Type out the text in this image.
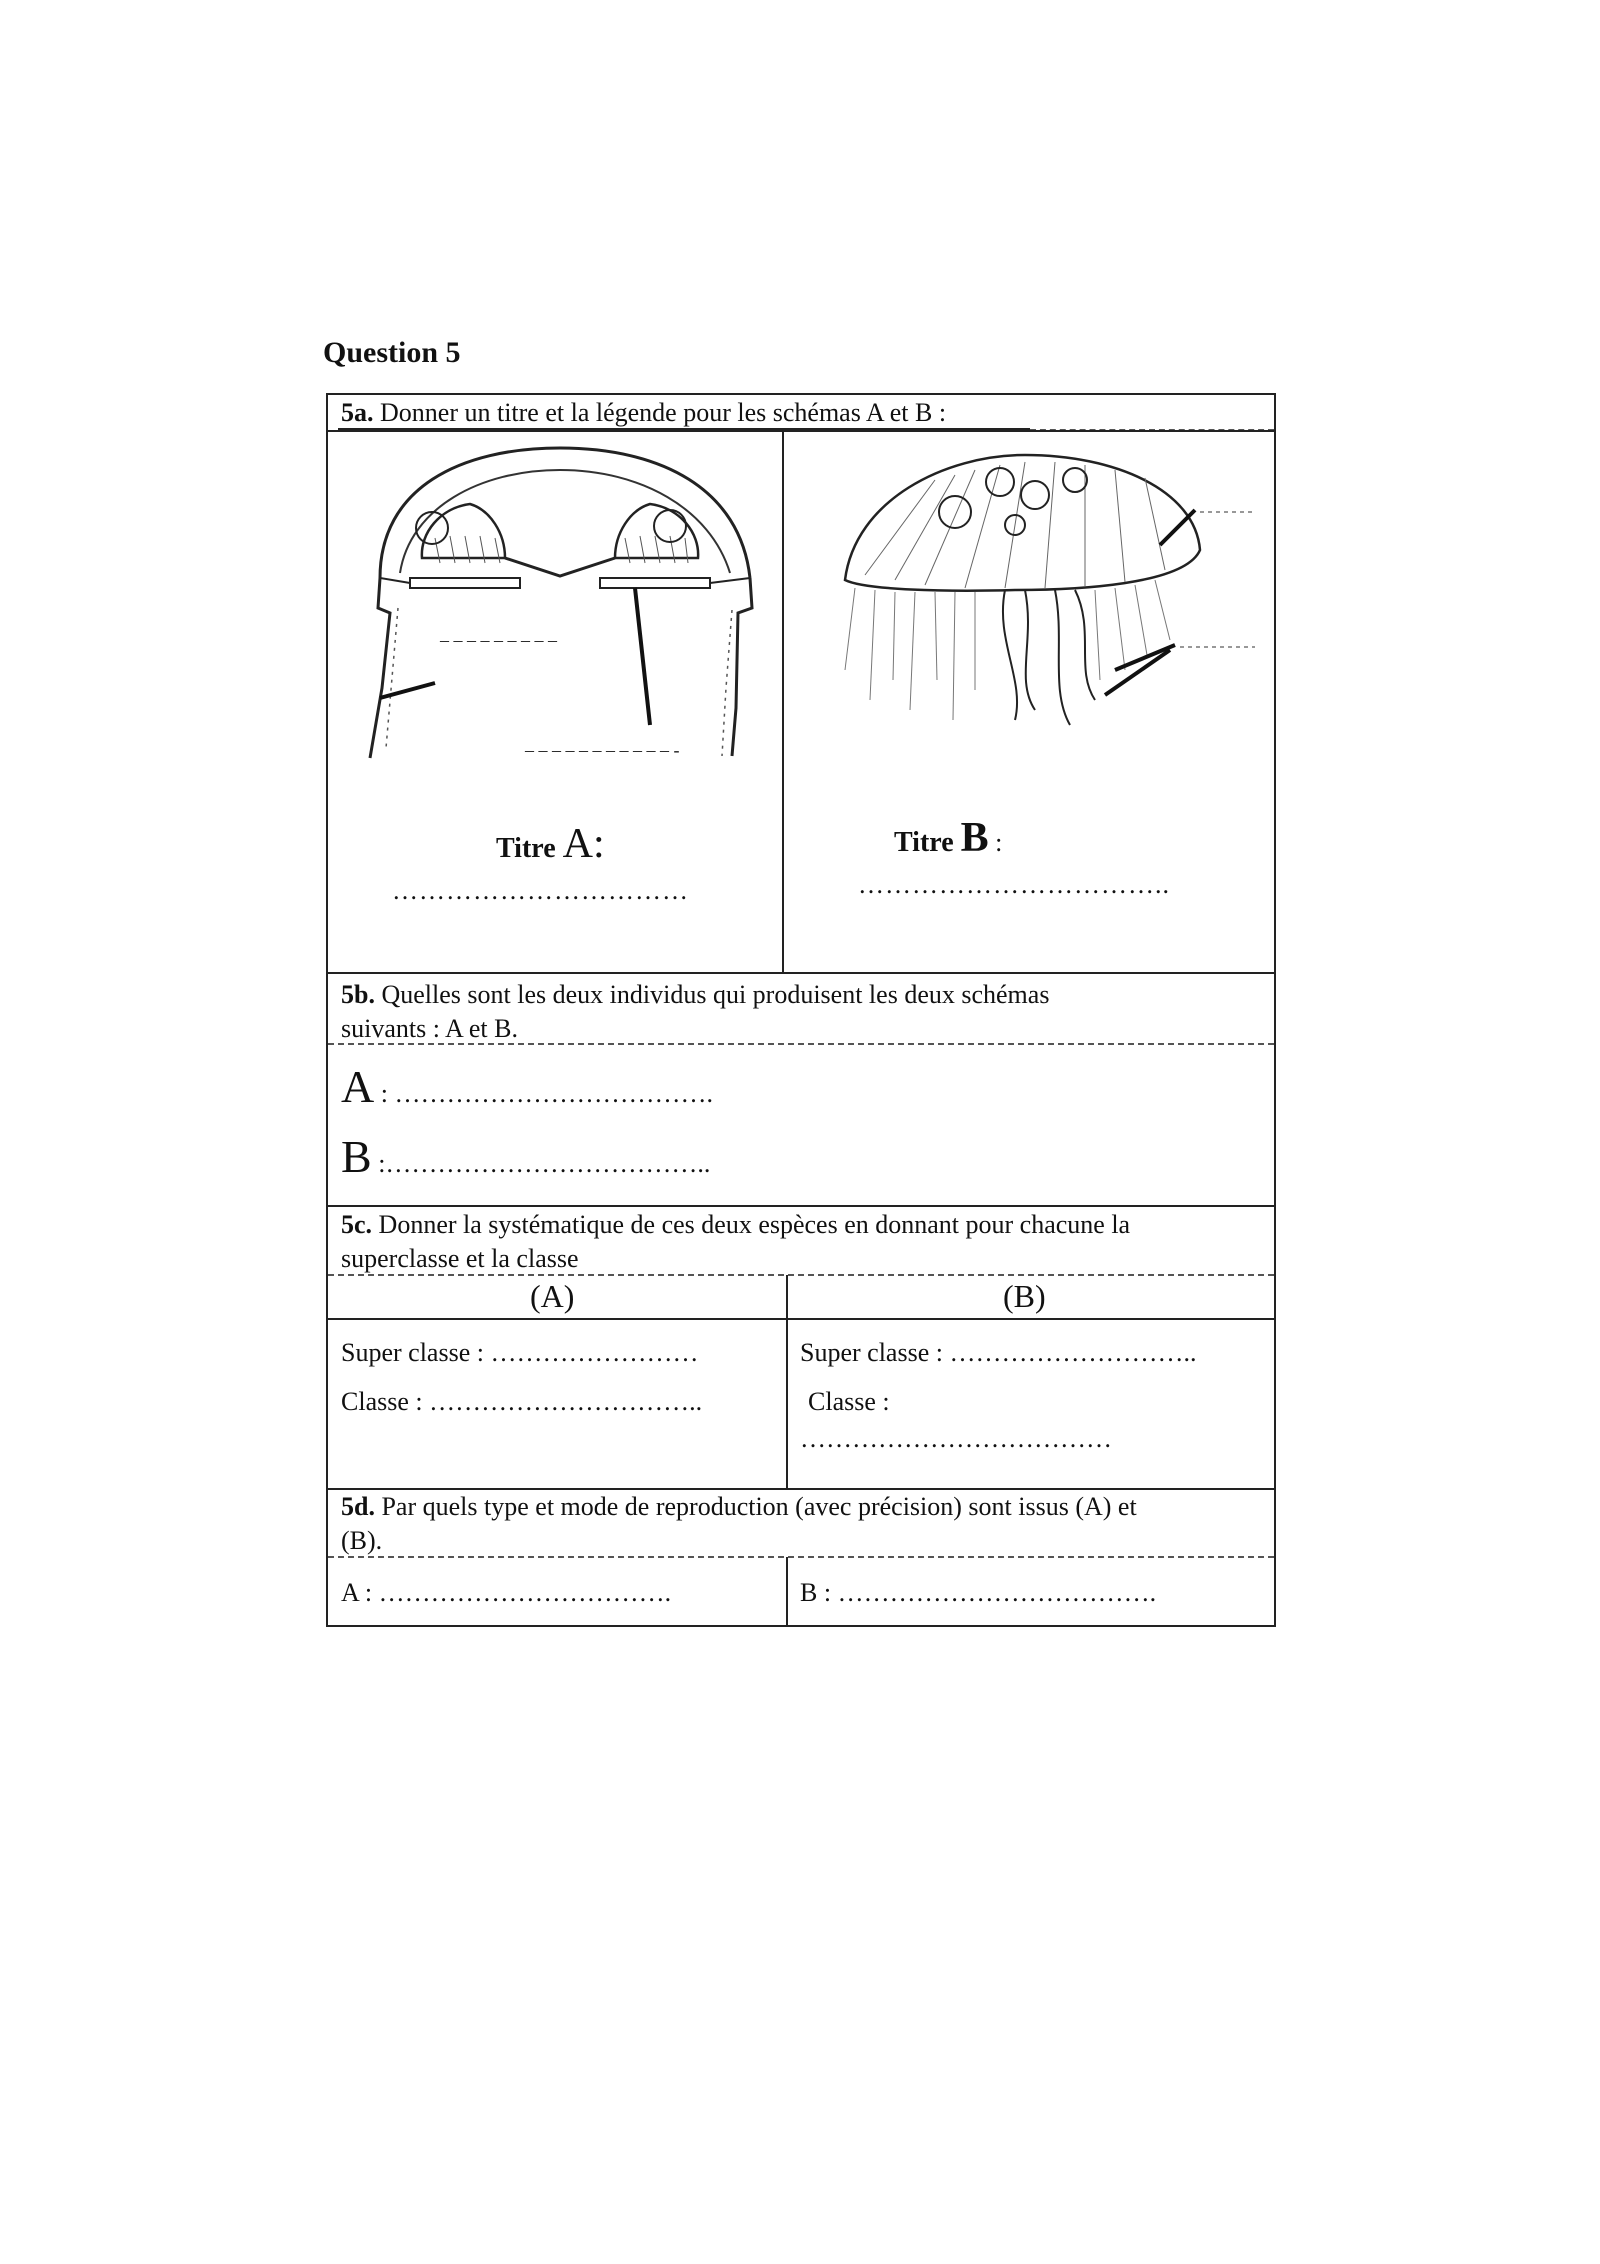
Question 5
5a. Donner un titre et la légende pour les schémas A et B :
– – – – – – – – –
– – – – – – – – – – – -
Titre A:
……………………………
Titre B :
……………………………..
5b. Quelles sont les deux individus qui produisent les deux schémas
suivants : A et B.
A : ……………………………….
B :………………………………..
5c. Donner la systématique de ces deux espèces en donnant pour chacune la
superclasse et la classe
(A)	(B)
Super classe : ……………………
Classe : …………………………..
Super classe : ………………………..
Classe :
………………………………
5d. Par quels type et mode de reproduction (avec précision) sont issus (A) et
(B).
A : …………………………….	B : ……………………………….
